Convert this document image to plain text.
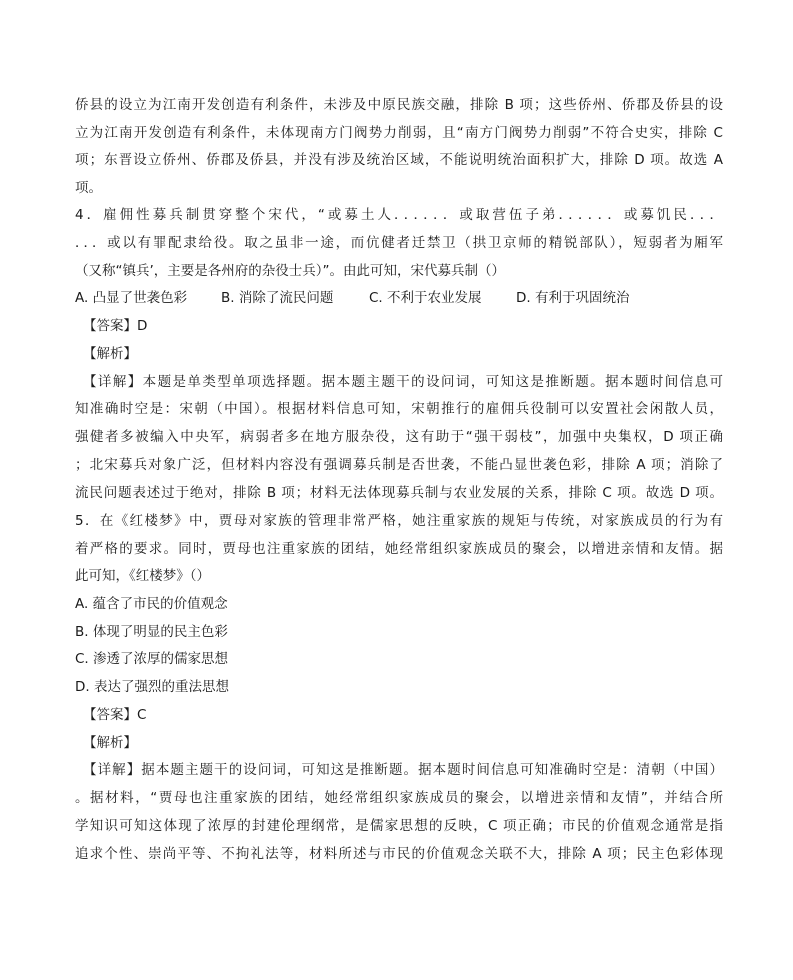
侨县的设立为江南开发创造有利条件，未涉及中原民族交融，排除 B 项；这些侨州、侨郡及侨县的设
立为江南开发创造有利条件，未体现南方门阀势力削弱，且“南方门阀势力削弱”不符合史实，排除 C
项；东晋设立侨州、侨郡及侨县，并没有涉及统治区域，不能说明统治面积扩大，排除 D 项。故选 A
项。
4．雇佣性募兵制贯穿整个宋代，“或募土人．．．．．．或取营伍子弟．．．．．．或募饥民．．．
．．．或以有罪配隶给役。取之虽非一途，而伉健者迁禁卫（拱卫京师的精锐部队），短弱者为厢军
（又称“镇兵’，主要是各州府的杂役士兵）”。由此可知，宋代募兵制（）
A. 凸显了世袭色彩	B. 消除了流民问题	C. 不利于农业发展	D. 有利于巩固统治
【答案】D
【解析】
【详解】本题是单类型单项选择题。据本题主题干的设问词，可知这是推断题。据本题时间信息可
知准确时空是：宋朝（中国）。根据材料信息可知，宋朝推行的雇佣兵役制可以安置社会闲散人员，
强健者多被编入中央军，病弱者多在地方服杂役，这有助于“强干弱枝”，加强中央集权，D 项正确
；北宋募兵对象广泛，但材料内容没有强调募兵制是否世袭，不能凸显世袭色彩，排除 A 项；消除了
流民问题表述过于绝对，排除 B 项；材料无法体现募兵制与农业发展的关系，排除 C 项。故选 D 项。
5．在《红楼梦》中，贾母对家族的管理非常严格，她注重家族的规矩与传统，对家族成员的行为有
着严格的要求。同时，贾母也注重家族的团结，她经常组织家族成员的聚会，以增进亲情和友情。据
此可知，《红楼梦》（）
A. 蕴含了市民的价值观念
B. 体现了明显的民主色彩
C. 渗透了浓厚的儒家思想
D. 表达了强烈的重法思想
【答案】C
【解析】
【详解】据本题主题干的设问词，可知这是推断题。据本题时间信息可知准确时空是：清朝（中国）
。据材料，“贾母也注重家族的团结，她经常组织家族成员的聚会，以增进亲情和友情”，并结合所
学知识可知这体现了浓厚的封建伦理纲常，是儒家思想的反映，C 项正确；市民的价值观念通常是指
追求个性、崇尚平等、不拘礼法等，材料所述与市民的价值观念关联不大，排除 A 项；民主色彩体现
